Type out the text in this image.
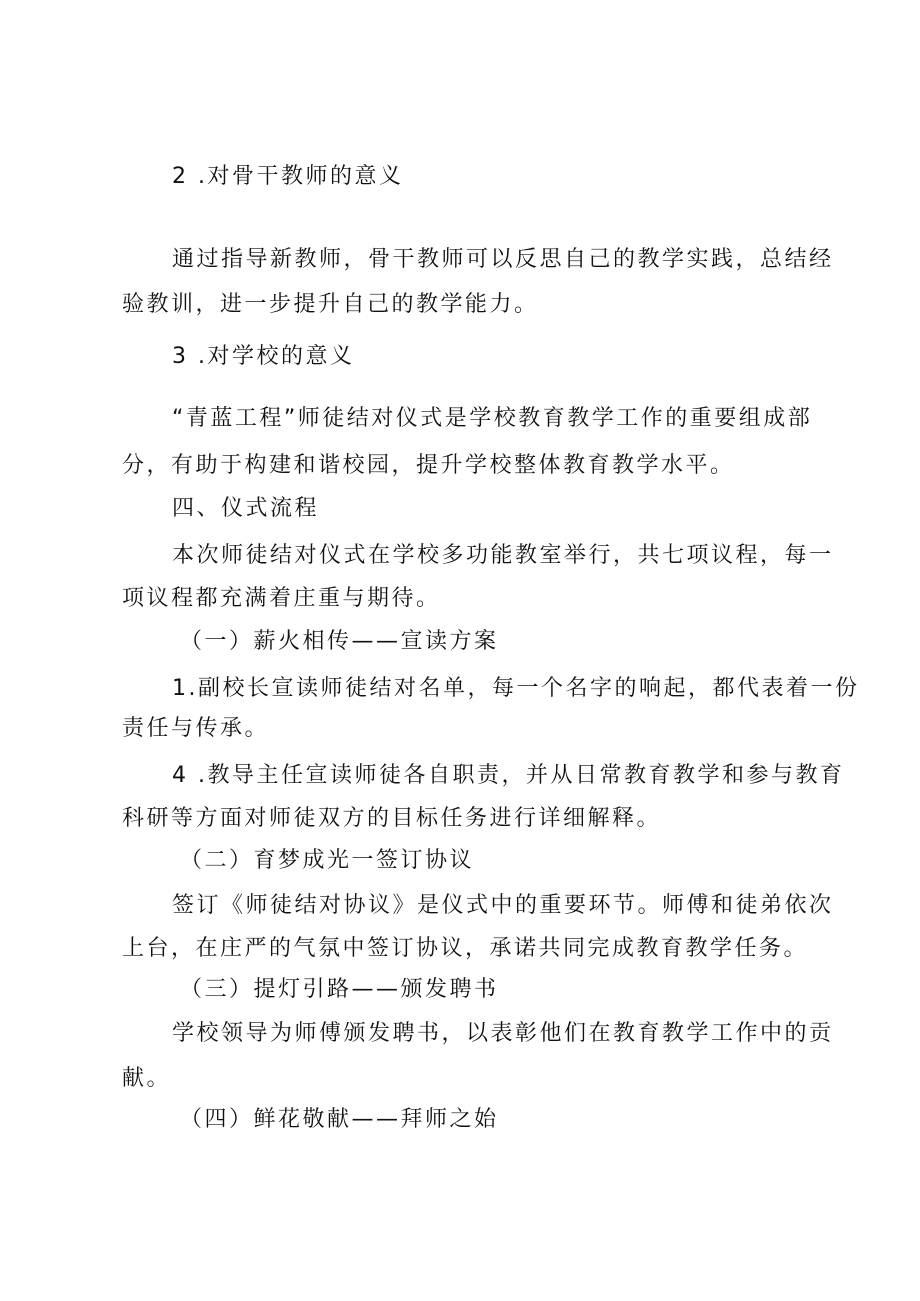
2 .对骨干教师的意义
通过指导新教师，骨干教师可以反思自己的教学实践，总结经
验教训，进一步提升自己的教学能力。
3 .对学校的意义
“青蓝工程”师徒结对仪式是学校教育教学工作的重要组成部
分，有助于构建和谐校园，提升学校整体教育教学水平。
四、仪式流程
本次师徒结对仪式在学校多功能教室举行，共七项议程，每一
项议程都充满着庄重与期待。
（一）薪火相传——宣读方案
1.副校长宣读师徒结对名单，每一个名字的响起，都代表着一份
责任与传承。
4 .教导主任宣读师徒各自职责，并从日常教育教学和参与教育
科研等方面对师徒双方的目标任务进行详细解释。
（二）育梦成光一签订协议
签订《师徒结对协议》是仪式中的重要环节。师傅和徒弟依次
上台，在庄严的气氛中签订协议，承诺共同完成教育教学任务。
（三）提灯引路——颁发聘书
学校领导为师傅颁发聘书，以表彰他们在教育教学工作中的贡
献。
（四）鲜花敬献——拜师之始
